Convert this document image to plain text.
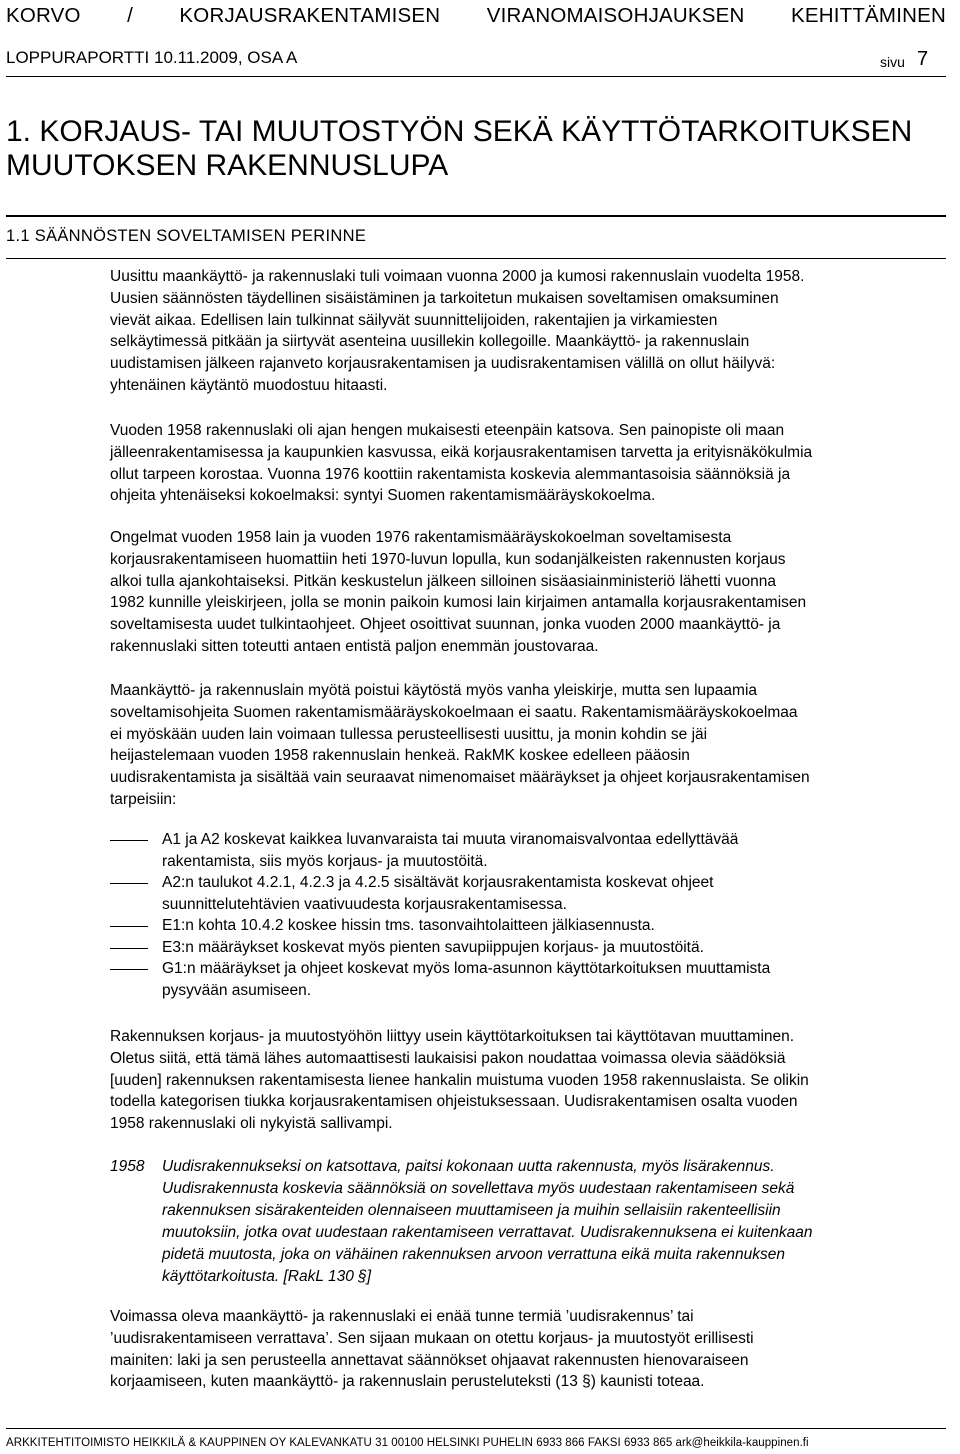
KORVO / KORJAUSRAKENTAMISEN VIRANOMAISOHJAUKSEN KEHITTÄMINEN
LOPPURAPORTTI 10.11.2009, OSA A	sivu 7
1. KORJAUS- TAI MUUTOSTYÖN SEKÄ KÄYTTÖTARKOITUKSEN MUUTOKSEN RAKENNUSLUPA
1.1 SÄÄNNÖSTEN SOVELTAMISEN PERINNE

Uusittu maankäyttö- ja rakennuslaki tuli voimaan vuonna 2000 ja kumosi rakennuslain vuodelta 1958.

Uusien säännösten täydellinen sisäistäminen ja tarkoitetun mukaisen soveltamisen omaksuminen

vievät aikaa. Edellisen lain tulkinnat säilyvät suunnittelijoiden, rakentajien ja virkamiesten

selkäytimessä pitkään ja siirtyvät asenteina uusillekin kollegoille. Maankäyttö- ja rakennuslain

uudistamisen jälkeen rajanveto korjausrakentamisen ja uudisrakentamisen välillä on ollut häilyvä:

yhtenäinen käytäntö muodostuu hitaasti.

Vuoden 1958 rakennuslaki oli ajan hengen mukaisesti eteenpäin katsova. Sen painopiste oli maan

jälleenrakentamisessa ja kaupunkien kasvussa, eikä korjausrakentamisen tarvetta ja erityisnäkökulmia

ollut tarpeen korostaa. Vuonna 1976 koottiin rakentamista koskevia alemmantasoisia säännöksiä ja

ohjeita yhtenäiseksi kokoelmaksi: syntyi Suomen rakentamismääräyskokoelma.

Ongelmat vuoden 1958 lain ja vuoden 1976 rakentamismääräyskokoelman soveltamisesta

korjausrakentamiseen huomattiin heti 1970-luvun lopulla, kun sodanjälkeisten rakennusten korjaus

alkoi tulla ajankohtaiseksi. Pitkän keskustelun jälkeen silloinen sisäasiainministeriö lähetti vuonna

1982 kunnille yleiskirjeen, jolla se monin paikoin kumosi lain kirjaimen antamalla korjausrakentamisen

soveltamisesta uudet tulkintaohjeet. Ohjeet osoittivat suunnan, jonka vuoden 2000 maankäyttö- ja

rakennuslaki sitten toteutti antaen entistä paljon enemmän joustovaraa.

Maankäyttö- ja rakennuslain myötä poistui käytöstä myös vanha yleiskirje, mutta sen lupaamia

soveltamisohjeita Suomen rakentamismääräyskokoelmaan ei saatu. Rakentamismääräyskokoelmaa

ei myöskään uuden lain voimaan tullessa perusteellisesti uusittu, ja monin kohdin se jäi

heijastelemaan vuoden 1958 rakennuslain henkeä. RakMK koskee edelleen pääosin

uudisrakentamista ja sisältää vain seuraavat nimenomaiset määräykset ja ohjeet korjausrakentamisen

tarpeisiin:

A1 ja A2 koskevat kaikkea luvanvaraista tai muuta viranomaisvalvontaa edellyttävää

rakentamista, siis myös korjaus- ja muutostöitä.

A2:n taulukot 4.2.1, 4.2.3 ja 4.2.5 sisältävät korjausrakentamista koskevat ohjeet

suunnittelutehtävien vaativuudesta korjausrakentamisessa.

E1:n kohta 10.4.2 koskee hissin tms. tasonvaihtolaitteen jälkiasennusta.

E3:n määräykset koskevat myös pienten savupiippujen korjaus- ja muutostöitä.

G1:n määräykset ja ohjeet koskevat myös loma-asunnon käyttötarkoituksen muuttamista

pysyvään asumiseen.

Rakennuksen korjaus- ja muutostyöhön liittyy usein käyttötarkoituksen tai käyttötavan muuttaminen.

Oletus siitä, että tämä lähes automaattisesti laukaisisi pakon noudattaa voimassa olevia säädöksiä

[uuden] rakennuksen rakentamisesta lienee hankalin muistuma vuoden 1958 rakennuslaista. Se olikin

todella kategorisen tiukka korjausrakentamisen ohjeistuksessaan. Uudisrakentamisen osalta vuoden

1958 rakennuslaki oli nykyistä sallivampi.

1958 Uudisrakennukseksi on katsottava, paitsi kokonaan uutta rakennusta, myös lisärakennus.

Uudisrakennusta koskevia säännöksiä on sovellettava myös uudestaan rakentamiseen sekä

rakennuksen sisärakenteiden olennaiseen muuttamiseen ja muihin sellaisiin rakenteellisiin

muutoksiin, jotka ovat uudestaan rakentamiseen verrattavat. Uudisrakennuksena ei kuitenkaan

pidetä muutosta, joka on vähäinen rakennuksen arvoon verrattuna eikä muita rakennuksen

käyttötarkoitusta. [RakL 130 §]

Voimassa oleva maankäyttö- ja rakennuslaki ei enää tunne termiä ’uudisrakennus’ tai

’uudisrakentamiseen verrattava’. Sen sijaan mukaan on otettu korjaus- ja muutostyöt erillisesti

mainiten: laki ja sen perusteella annettavat säännökset ohjaavat rakennusten hienovaraiseen

korjaamiseen, kuten maankäyttö- ja rakennuslain perusteluteksti (13 §) kaunisti toteaa.

ARKKITEHTITOIMISTO HEIKKILÄ & KAUPPINEN OY KALEVANKATU 31 00100 HELSINKI PUHELIN 6933 866 FAKSI 6933 865 ark@heikkila-kauppinen.fi
